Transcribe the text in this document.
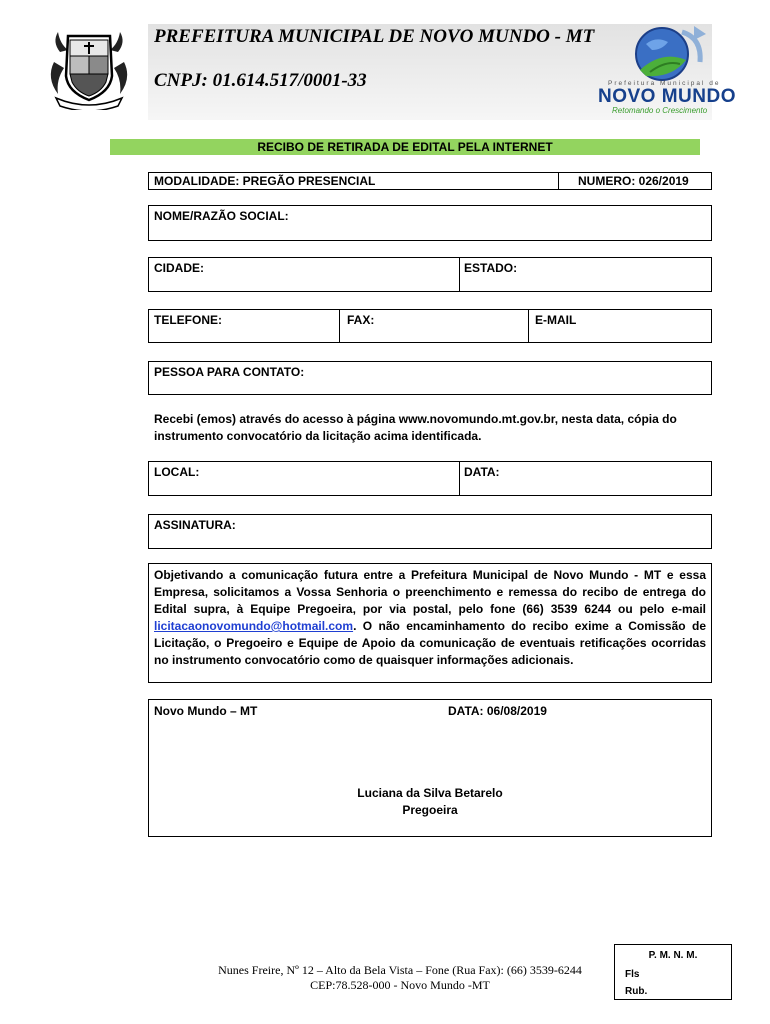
PREFEITURA MUNICIPAL DE NOVO MUNDO - MT
CNPJ: 01.614.517/0001-33	Prefeitura Municipal de
NOVO MUNDO
Retomando o Crescimento
RECIBO DE RETIRADA DE EDITAL PELA INTERNET
MODALIDADE: PREGÃO PRESENCIAL	NUMERO: 026/2019
NOME/RAZÃO SOCIAL:
CIDADE:	ESTADO:
TELEFONE:	FAX:	E-MAIL
PESSOA PARA CONTATO:
Recebi (emos) através do acesso à página www.novomundo.mt.gov.br, nesta data, cópia do instrumento convocatório da licitação acima identificada.
LOCAL:	DATA:
ASSINATURA:
Objetivando a comunicação futura entre a Prefeitura Municipal de Novo Mundo - MT e essa Empresa, solicitamos a Vossa Senhoria o preenchimento e remessa do recibo de entrega do Edital supra, à Equipe Pregoeira, por via postal, pelo fone (66) 3539 6244 ou pelo e-mail licitacaonovomundo@hotmail.com. O não encaminhamento do recibo exime a Comissão de Licitação, o Pregoeiro e Equipe de Apoio da comunicação de eventuais retificações ocorridas no instrumento convocatório como de quaisquer informações adicionais.
Novo Mundo – MT	DATA: 06/08/2019
Luciana da Silva Betarelo
Pregoeira
Nunes Freire, Nº 12 – Alto da Bela Vista – Fone (Rua Fax): (66) 3539-6244
CEP:78.528-000 - Novo Mundo -MT
P. M. N. M.
Fls
Rub.
